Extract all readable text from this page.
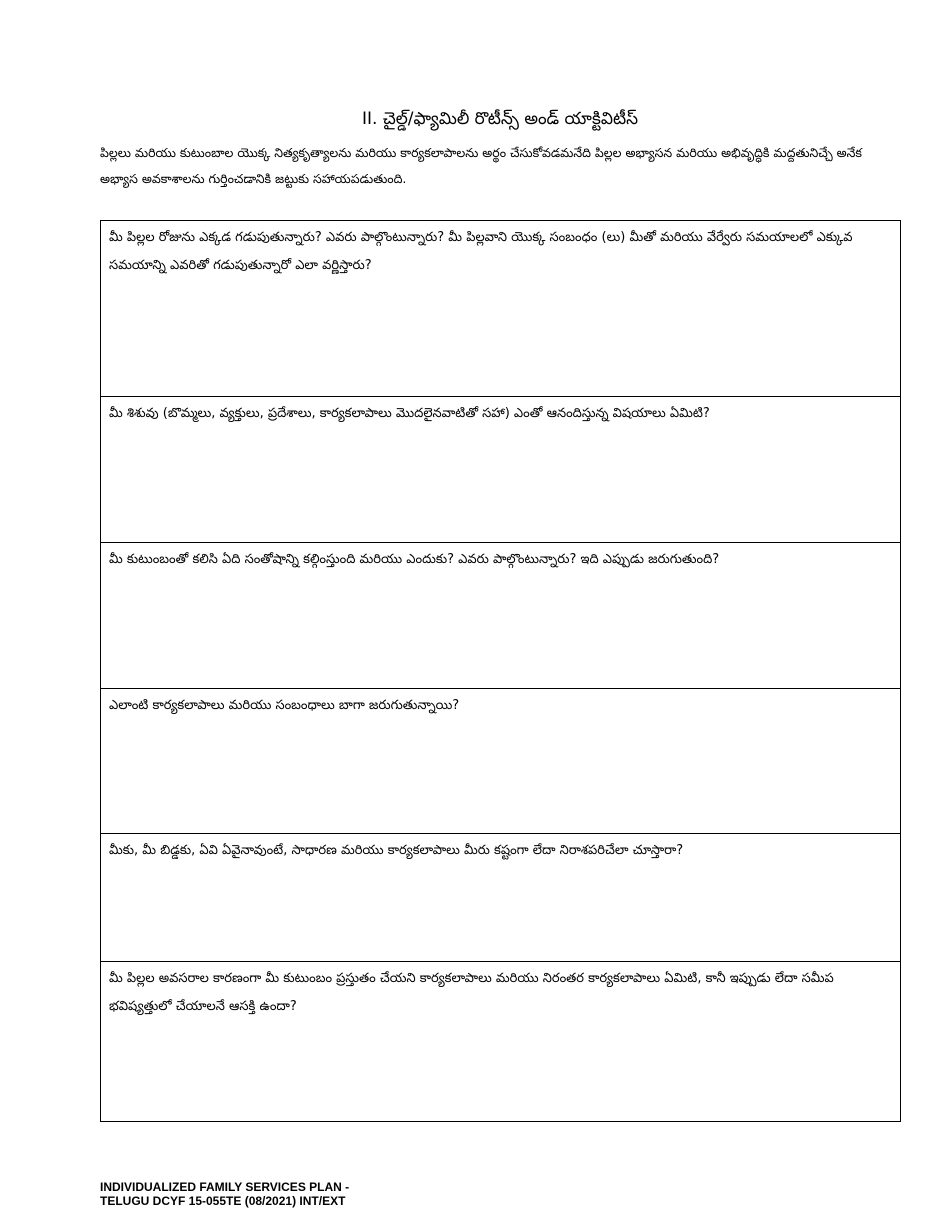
II. చైల్డ్/ఫ్యామిలీ రొటీన్స్ అండ్ యాక్టివిటీస్

పిల్లలు మరియు కుటుంబాల యొక్క నిత్యకృత్యాలను మరియు కార్యకలాపాలను అర్థం చేసుకోవడమనేది పిల్లల అభ్యాసన మరియు అభివృద్ధికి మద్దతునిచ్చే అనేక అభ్యాస అవకాశాలను గుర్తించడానికి జట్టుకు సహాయపడుతుంది.

మీ పిల్లల రోజును ఎక్కడ గడుపుతున్నారు? ఎవరు పాల్గొంటున్నారు? మీ పిల్లవాని యొక్క సంబంధం (లు) మీతో మరియు వేర్వేరు సమయాలలో ఎక్కువ సమయాన్ని ఎవరితో గడుపుతున్నారో ఎలా వర్ణిస్తారు?
మీ శిశువు (బొమ్మలు, వ్యక్తులు, ప్రదేశాలు, కార్యకలాపాలు మొదలైనవాటితో సహా) ఎంతో ఆనందిస్తున్న విషయాలు ఏమిటి?
మీ కుటుంబంతో కలిసి ఏది సంతోషాన్ని కల్గింస్తుంది మరియు ఎందుకు? ఎవరు పాల్గొంటున్నారు? ఇది ఎప్పుడు జరుగుతుంది?
ఎలాంటి కార్యకలాపాలు మరియు సంబంధాలు బాగా జరుగుతున్నాయి?
మీకు, మీ బిడ్డకు, ఏవి ఏవైనావుంటే, సాధారణ మరియు కార్యకలాపాలు మీరు కష్టంగా లేదా నిరాశపరిచేలా చూస్తారా?
మీ పిల్లల అవసరాల కారణంగా మీ కుటుంబం ప్రస్తుతం చేయని కార్యకలాపాలు మరియు నిరంతర కార్యకలాపాలు ఏమిటి, కానీ ఇప్పుడు లేదా సమీప భవిష్యత్తులో చేయాలనే ఆసక్తి ఉందా?
INDIVIDUALIZED FAMILY SERVICES PLAN -
TELUGU DCYF 15-055TE (08/2021) INT/EXT
